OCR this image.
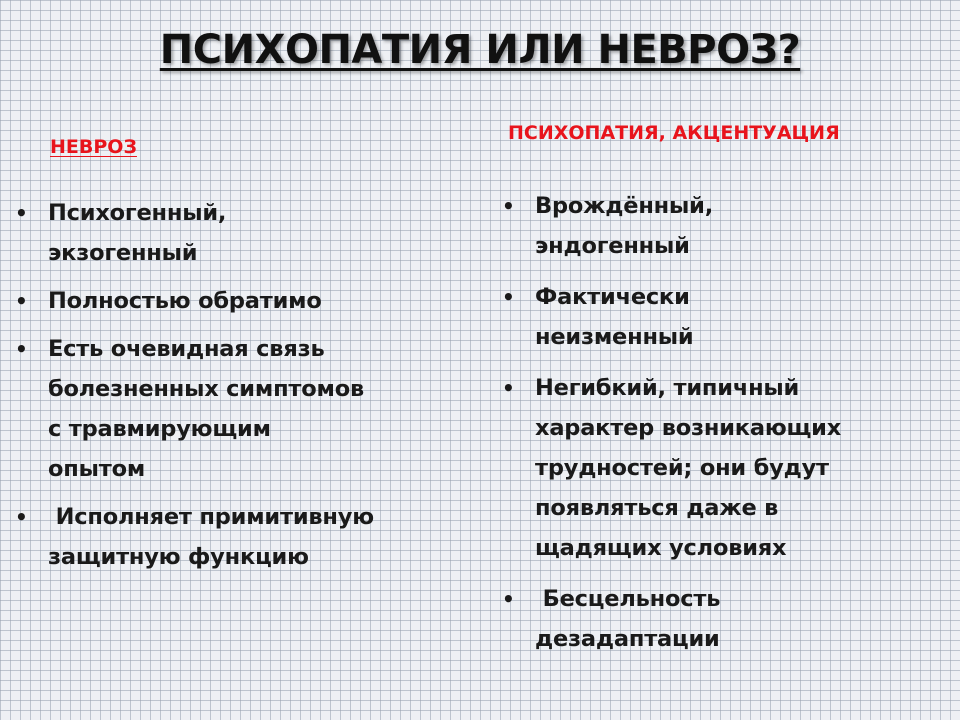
ПСИХОПАТИЯ ИЛИ НЕВРОЗ?
НЕВРОЗ
ПСИХОПАТИЯ, АКЦЕНТУАЦИЯ
• Психогенный,
экзогенный
• Полностью обратимо
• Есть очевидная связь
болезненных симптомов
с травмирующим
опытом
• Исполняет примитивную
защитную функцию
• Врождённый,
эндогенный
• Фактически
неизменный
• Негибкий, типичный
характер возникающих
трудностей; они будут
появляться даже в
щадящих условиях
• Бесцельность
дезадаптации
